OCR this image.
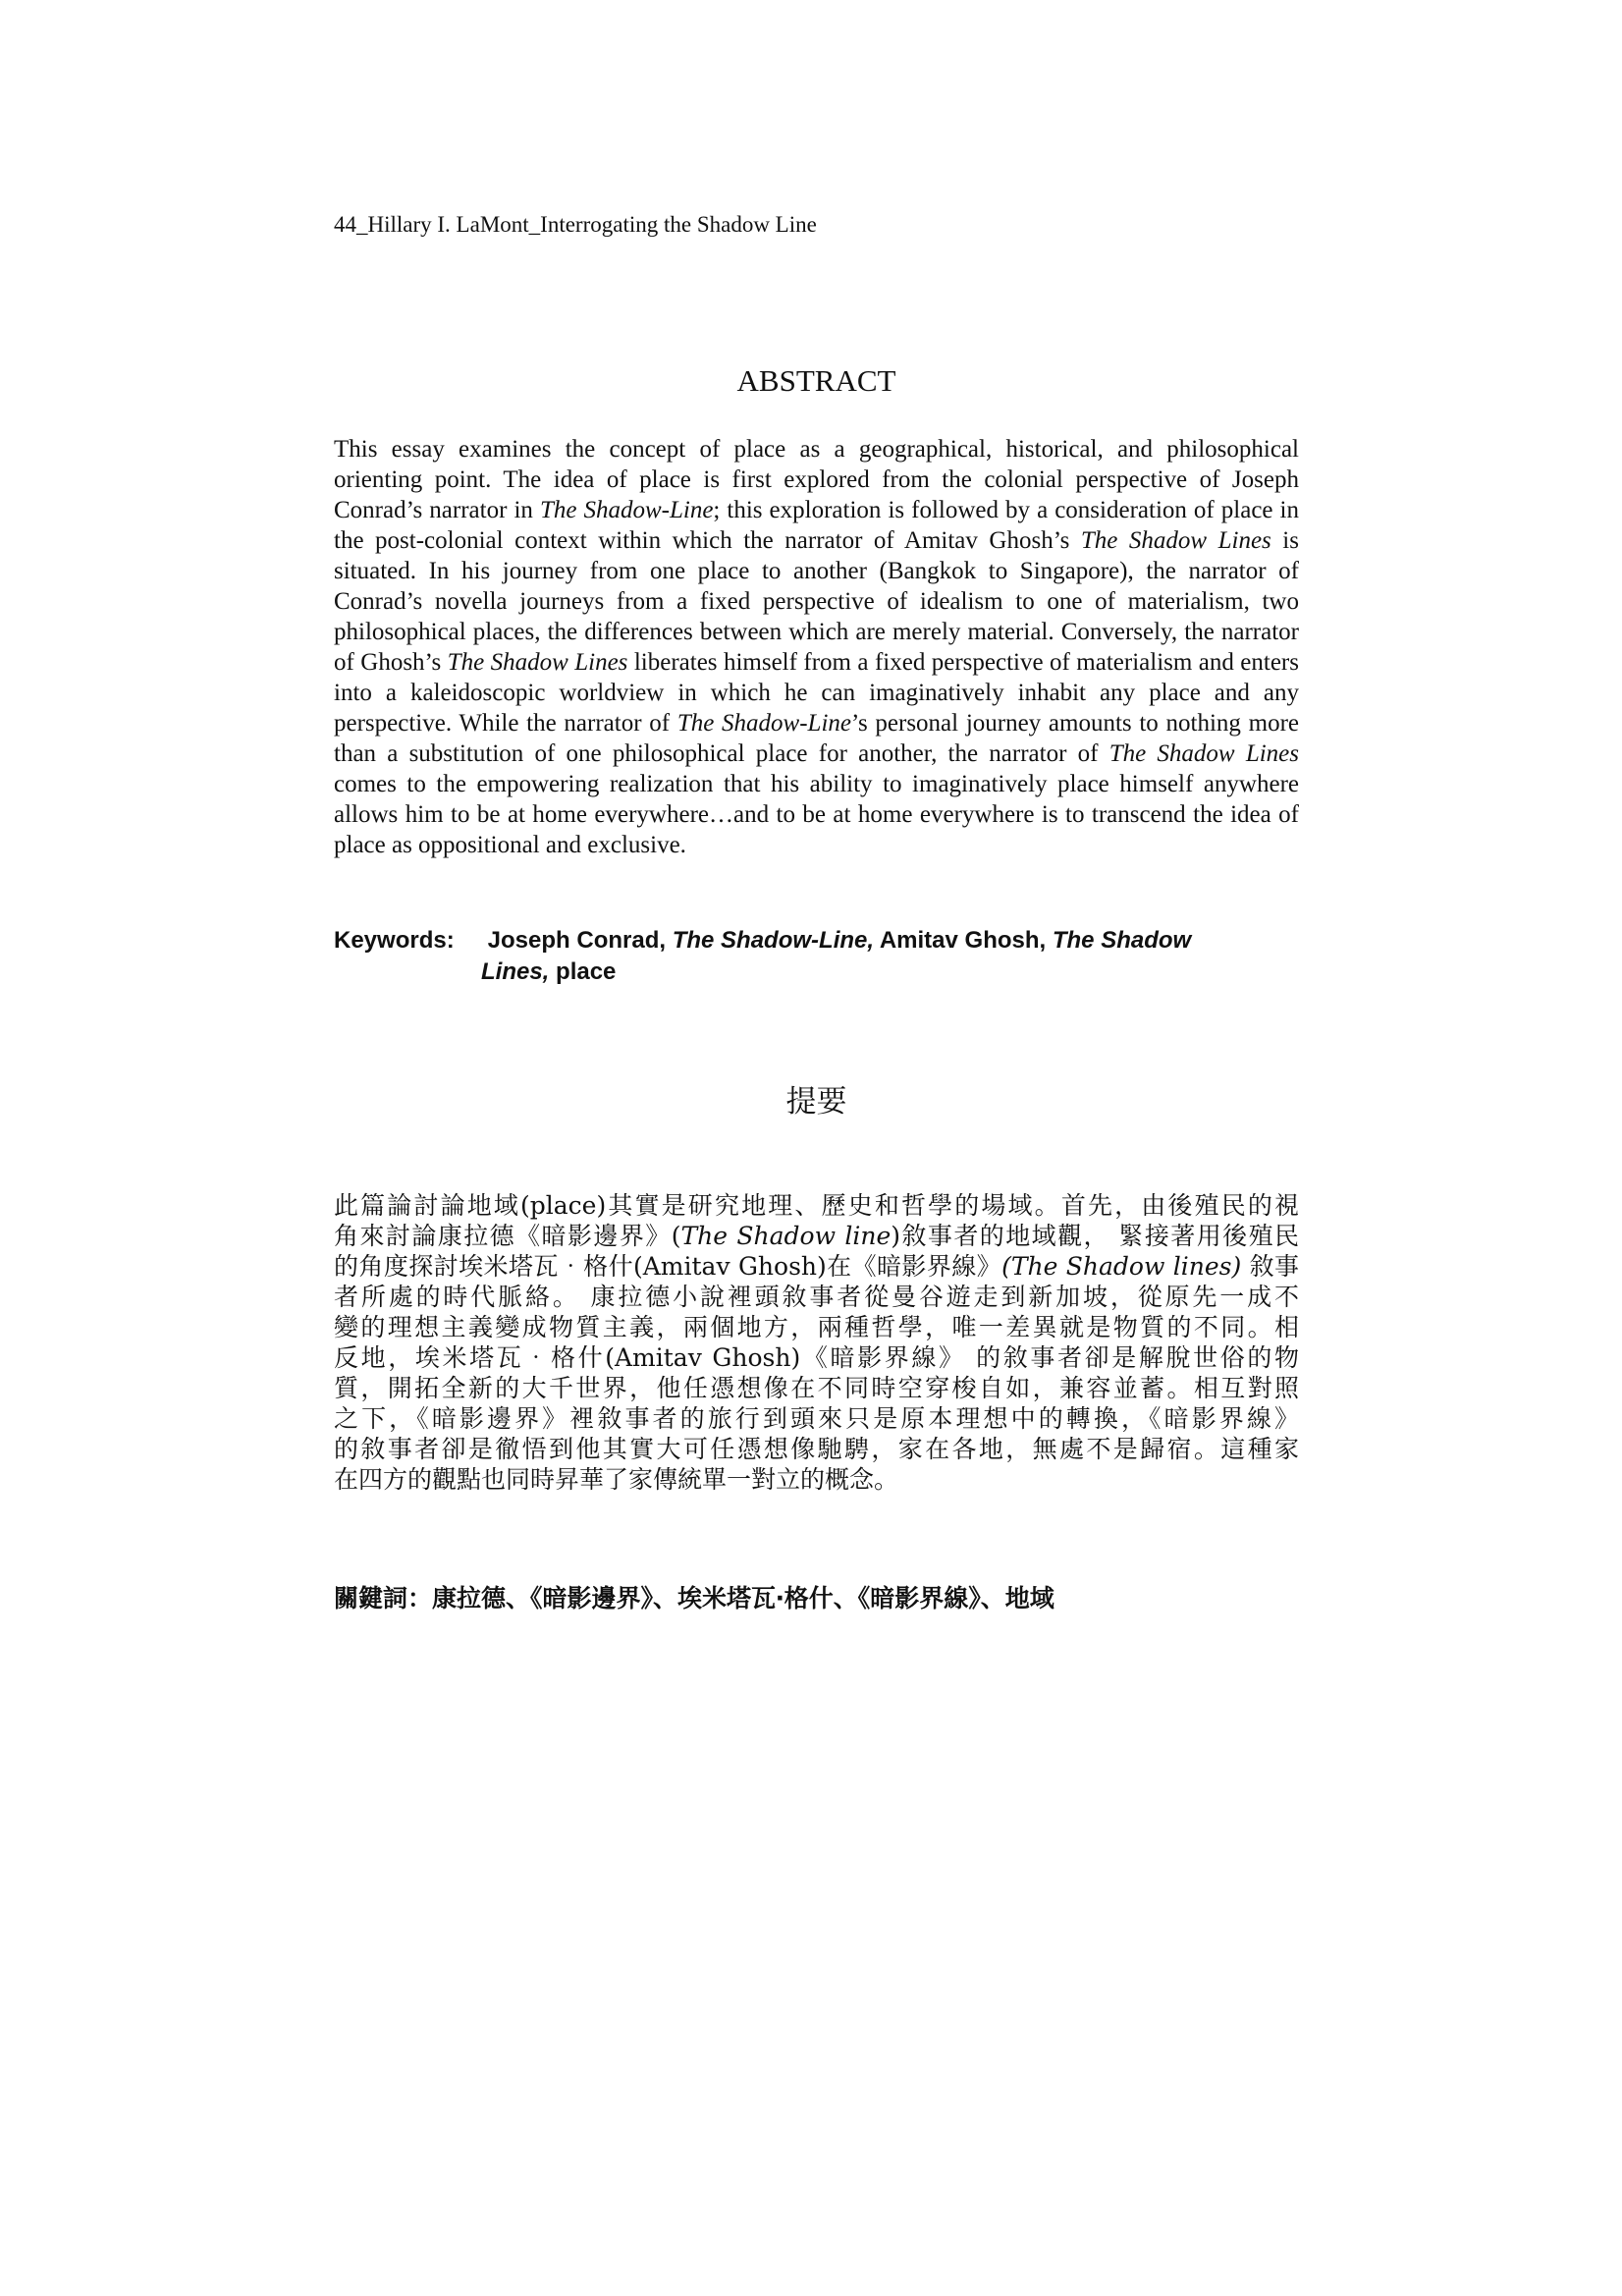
44_Hillary I. LaMont_Interrogating the Shadow Line
ABSTRACT

This essay examines the concept of place as a geographical, historical, and philosophical orienting point. The idea of place is first explored from the colonial perspective of Joseph Conrad’s narrator in The Shadow-Line; this exploration is followed by a consideration of place in the post-colonial context within which the narrator of Amitav Ghosh’s The Shadow Lines is situated. In his journey from one place to another (Bangkok to Singapore), the narrator of Conrad’s novella journeys from a fixed perspective of idealism to one of materialism, two philosophical places, the differences between which are merely material. Conversely, the narrator of Ghosh’s The Shadow Lines liberates himself from a fixed perspective of materialism and enters into a kaleidoscopic worldview in which he can imaginatively inhabit any place and any perspective. While the narrator of The Shadow-Line’s personal journey amounts to nothing more than a substitution of one philosophical place for another, the narrator of The Shadow Lines comes to the empowering realization that his ability to imaginatively place himself anywhere allows him to be at home everywhere…and to be at home everywhere is to transcend the idea of place as oppositional and exclusive.

Keywords: Joseph Conrad, The Shadow-Line, Amitav Ghosh, The Shadow
Lines, place
提要
此篇論討論地域(place)其實是研究地理、歷史和哲學的場域。首先，由後殖民的視
角來討論康拉德《暗影邊界》(The Shadow line)敘事者的地域觀， 緊接著用後殖民
的角度探討埃米塔瓦‧格什(Amitav Ghosh)在《暗影界線》(The Shadow lines) 敘事
者所處的時代脈絡。 康拉德小說裡頭敘事者從曼谷遊走到新加坡，從原先一成不
變的理想主義變成物質主義，兩個地方，兩種哲學，唯一差異就是物質的不同。相
反地，埃米塔瓦‧格什(Amitav Ghosh)《暗影界線》 的敘事者卻是解脫世俗的物
質，開拓全新的大千世界，他任憑想像在不同時空穿梭自如，兼容並蓄。相互對照
之下，《暗影邊界》裡敘事者的旅行到頭來只是原本理想中的轉換，《暗影界線》
的敘事者卻是徹悟到他其實大可任憑想像馳騁，家在各地，無處不是歸宿。這種家
在四方的觀點也同時昇華了家傳統單一對立的概念。
關鍵詞：康拉德、《暗影邊界》、埃米塔瓦‧格什、《暗影界線》、地域
